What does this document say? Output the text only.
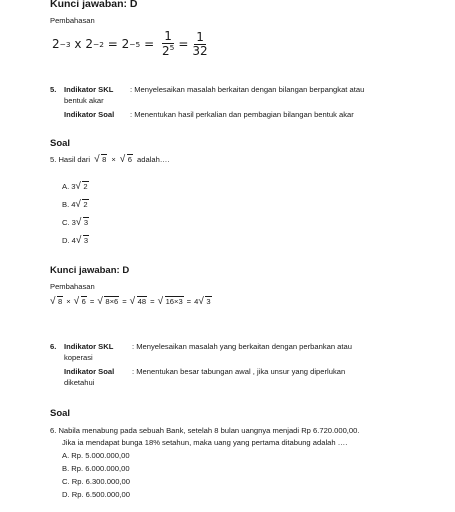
Kunci jawaban: D
Pembahasan
2 −3 x $2 -2 = 2 -5 = \frac{1}{2^5} = \frac{1}{32}$
5. Indikator SKL : Menyelesaikan masalah berkaitan dengan bilangan berpangkat atau
bentuk akar
Indikator Soal : Menentukan hasil perkalian dan pembagian bilangan bentuk akar
Soal
5. Hasil dari √ 8 × √ 6 adalah….
A. 3 √ 2
B. 4 √ 2
C. 3 √ 3
D. 4 √ 3
Kunci jawaban: D
Pembahasan
√ 8 × √ 6 = √ 8×6 = √ 48 = √ 16×3 = 4 √ 3
6. Indikator SKL : Menyelesaikan masalah yang berkaitan dengan perbankan atau
koperasi
Indikator Soal : Menentukan besar tabungan awal , jika unsur yang diperlukan
diketahui
Soal
6. Nabila menabung pada sebuah Bank, setelah 8 bulan uangnya menjadi Rp 6.720.000,00.
Jika ia mendapat bunga 18% setahun, maka uang yang pertama ditabung adalah ….
A. Rp. 5.000.000,00
B. Rp. 6.000.000,00
C. Rp. 6.300.000,00
D. Rp. 6.500.000,00
